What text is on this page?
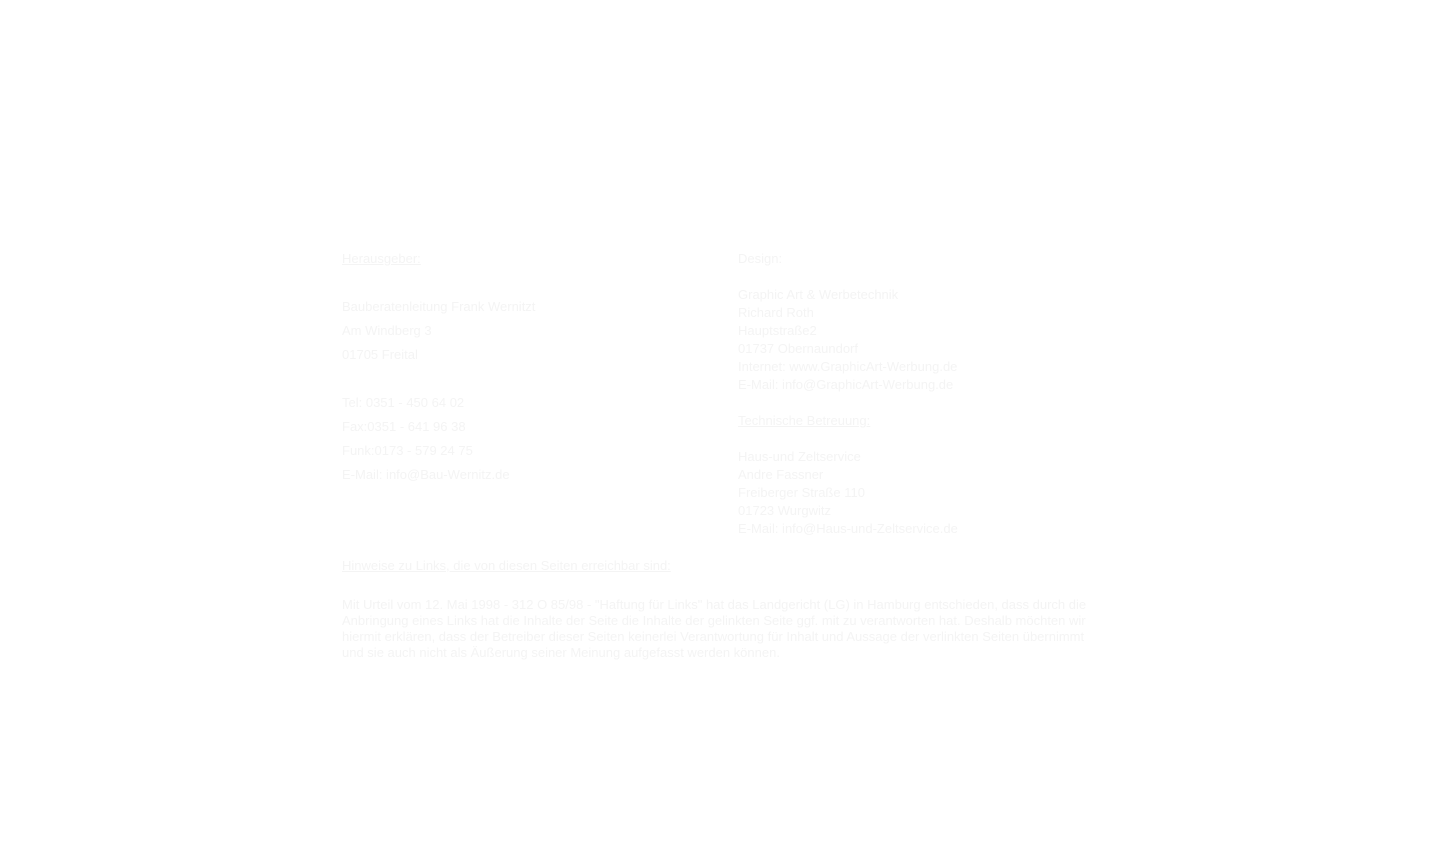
Herausgeber:
Bauberatenleitung Frank Wernitzt
Am Windberg 3
01705 Freital
Tel: 0351 - 450 64 02
Fax:0351 - 641 96 38
Funk:0173 - 579 24 75
E-Mail: info@Bau-Wernitz.de
Design:
Graphic Art & Werbetechnik
Richard Roth
Hauptstraße2
01737 Obernaundorf
Internet: www.GraphicArt-Werbung.de
E-Mail: info@GraphicArt-Werbung.de
Technische Betreuung:
Haus-und Zeltservice
Andre Fassner
Freiberger Straße 110
01723 Wurgwitz
E-Mail: info@Haus-und-Zeltservice.de
Hinweise zu Links, die von diesen Seiten erreichbar sind:
Mit Urteil vom 12. Mai 1998 - 312 O 85/98 - "Haftung für Links" hat das Landgericht (LG) in Hamburg entschieden, dass durch die Anbringung eines Links hat die Inhalte der Seite die Inhalte der gelinkten Seite ggf. mit zu verantworten hat. Deshalb möchten wir hiermit erklären, dass der Betreiber dieser Seiten keinerlei Verantwortung für Inhalt und Aussage der verlinkten Seiten übernimmt und sie auch nicht als Äußerung seiner Meinung aufgefasst werden können.
